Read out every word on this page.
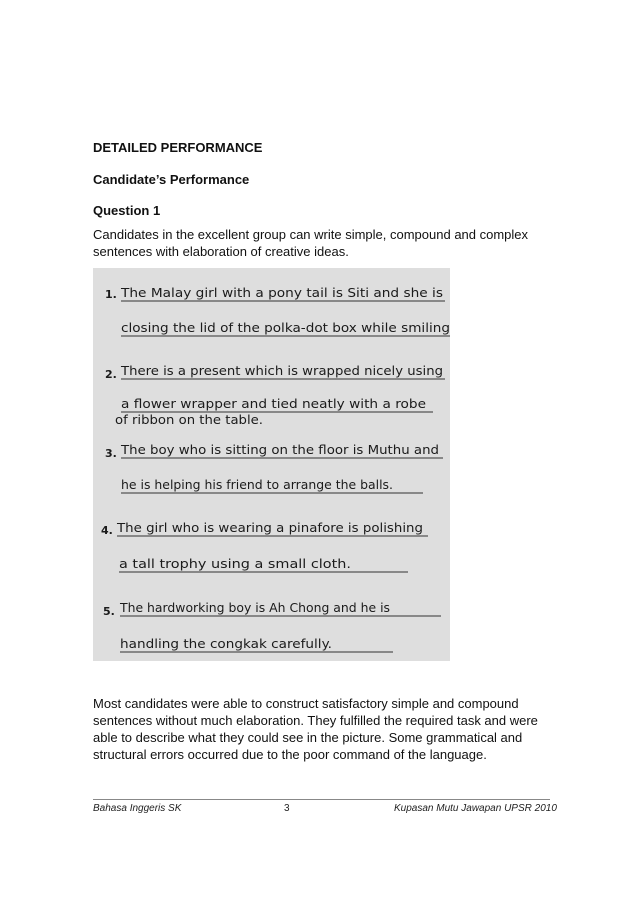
DETAILED PERFORMANCE
Candidate’s Performance
Question 1
Candidates in the excellent group can write simple, compound and complex sentences with elaboration of creative ideas.
1. The Malay girl with a pony tail is Siti and she is
closing the lid of the polka-dot box while smiling
2. There is a present which is wrapped nicely using
a flower wrapper and tied neatly with a robe
of ribbon on the table.
3. The boy who is sitting on the floor is Muthu and
he is helping his friend to arrange the balls.
4. The girl who is wearing a pinafore is polishing
a tall trophy using a small cloth.
5. The hardworking boy is Ah Chong and he is
handling the congkak carefully.
Most candidates were able to construct satisfactory simple and compound sentences without much elaboration. They fulfilled the required task and were able to describe what they could see in the picture. Some grammatical and structural errors occurred due to the poor command of the language.
Bahasa Inggeris SK	3	Kupasan Mutu Jawapan UPSR 2010
